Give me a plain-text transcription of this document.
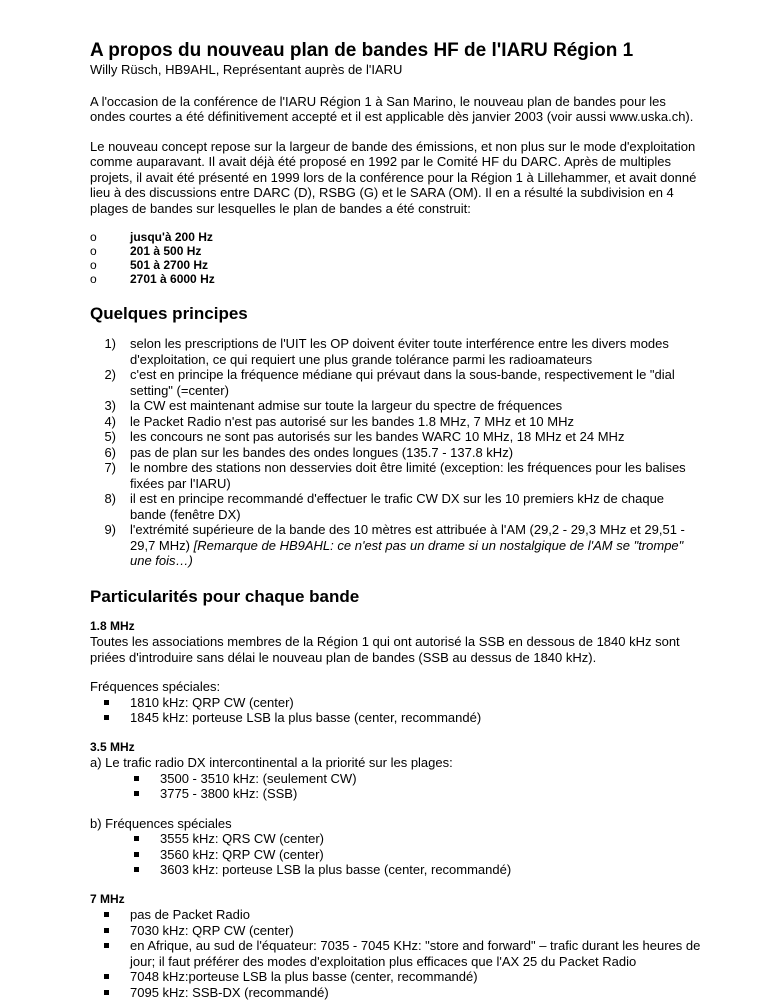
A propos du nouveau plan de bandes HF de l'IARU Région 1
Willy Rüsch, HB9AHL, Représentant auprès de l'IARU

A l'occasion de la conférence de l'IARU Région 1 à San Marino, le nouveau plan de bandes pour les ondes courtes a été définitivement accepté et il est applicable dès janvier 2003 (voir aussi www.uska.ch).

Le nouveau concept repose sur la largeur de bande des émissions, et non plus sur le mode d'exploitation comme auparavant. Il avait déjà été proposé en 1992 par le Comité HF du DARC. Après de multiples projets, il avait été présenté en 1999 lors de la conférence pour la Région 1 à Lillehammer, et avait donné lieu à des discussions entre DARC (D), RSBG (G) et le SARA (OM). Il en a résulté la subdivision en 4 plages de bandes sur lesquelles le plan de bandes a été construit:

o	jusqu'à 200 Hz
o	201 à 500 Hz
o	501 à 2700 Hz
o	2701 à 6000 Hz
Quelques principes
1) selon les prescriptions de l'UIT les OP doivent éviter toute interférence entre les divers modes d'exploitation, ce qui requiert une plus grande tolérance parmi les radioamateurs
2) c'est en principe la fréquence médiane qui prévaut dans la sous-bande, respectivement le "dial setting" (=center)
3) la CW est maintenant admise sur toute la largeur du spectre de fréquences
4) le Packet Radio n'est pas autorisé sur les bandes 1.8 MHz, 7 MHz et 10 MHz
5) les concours ne sont pas autorisés sur les bandes WARC 10 MHz, 18 MHz et 24 MHz
6) pas de plan sur les bandes des ondes longues (135.7 - 137.8 kHz)
7) le nombre des stations non desservies doit être limité (exception: les fréquences pour les balises fixées par l'IARU)
8) il est en principe recommandé d'effectuer le trafic CW DX sur les 10 premiers kHz de chaque bande (fenêtre DX)
9) l'extrémité supérieure de la bande des 10 mètres est attribuée à l'AM (29,2 - 29,3 MHz et 29,51 - 29,7 MHz) [Remarque de HB9AHL: ce n'est pas un drame si un nostalgique de l'AM se "trompe" une fois…)
Particularités pour chaque bande
1.8 MHz

Toutes les associations membres de la Région 1 qui ont autorisé la SSB en dessous de 1840 kHz sont priées d'introduire sans délai le nouveau plan de bandes (SSB au dessus de 1840 kHz).

Fréquences spéciales:
1810 kHz: QRP CW (center)
1845 kHz: porteuse LSB la plus basse (center, recommandé)
3.5 MHz
a) Le trafic radio DX intercontinental a la priorité sur les plages:
3500 - 3510 kHz: (seulement CW)
3775 - 3800 kHz: (SSB)
b) Fréquences spéciales
3555 kHz: QRS CW (center)
3560 kHz: QRP CW (center)
3603 kHz: porteuse LSB la plus basse (center, recommandé)
7 MHz
pas de Packet Radio
7030 kHz: QRP CW (center)
en Afrique, au sud de l'équateur: 7035 - 7045 KHz: "store and forward" – trafic durant les heures de jour; il faut préférer des modes d'exploitation plus efficaces que l'AX 25 du Packet Radio
7048 kHz:porteuse LSB la plus basse (center, recommandé)
7095 kHz: SSB-DX (recommandé)
